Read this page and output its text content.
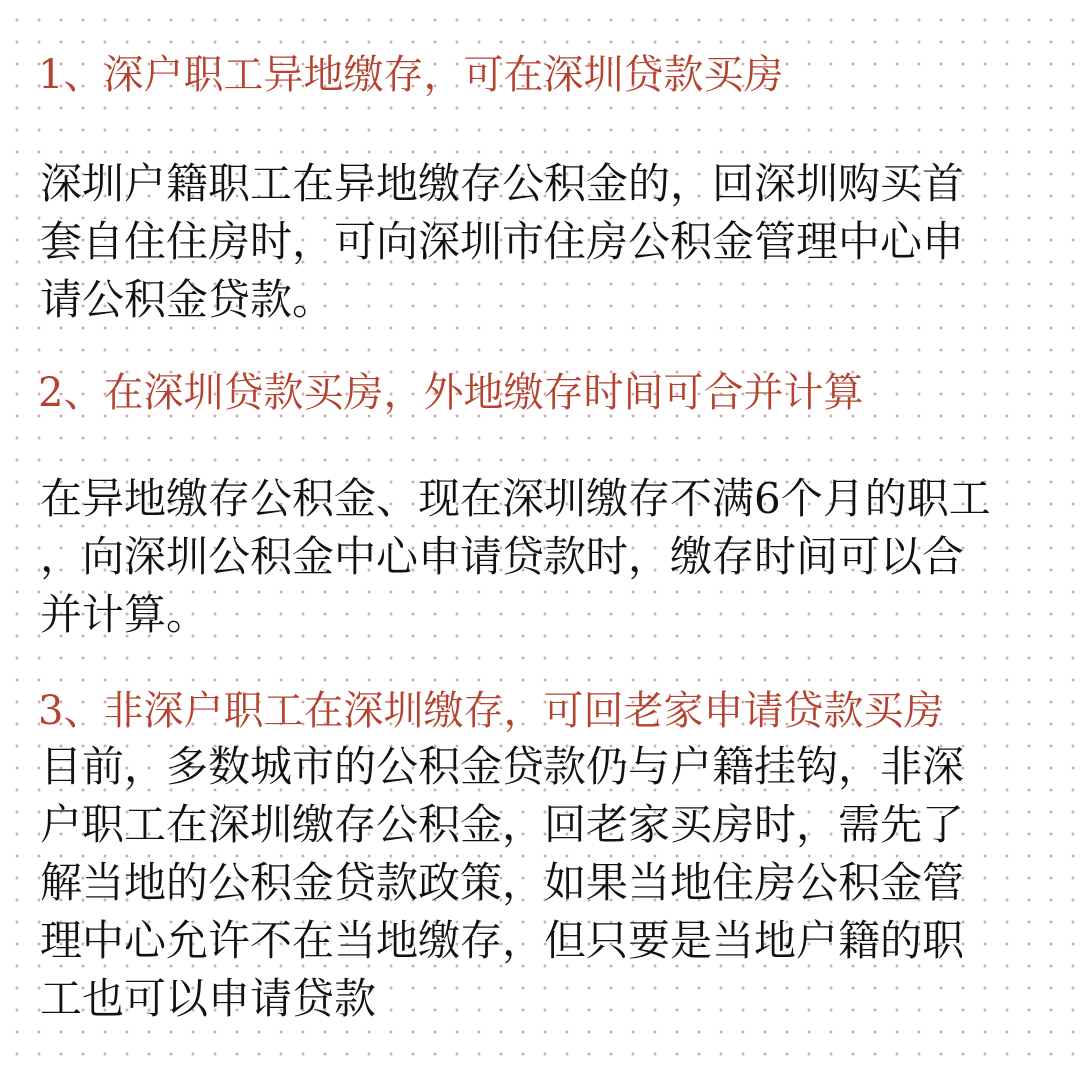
1、深户职工异地缴存，可在深圳贷款买房
深圳户籍职工在异地缴存公积金的，回深圳购买首
套自住住房时，可向深圳市住房公积金管理中心申
请公积金贷款。
2、在深圳贷款买房，外地缴存时间可合并计算
在异地缴存公积金、现在深圳缴存不满6个月的职工
，向深圳公积金中心申请贷款时，缴存时间可以合
并计算。
3、非深户职工在深圳缴存，可回老家申请贷款买房
目前，多数城市的公积金贷款仍与户籍挂钩，非深
户职工在深圳缴存公积金，回老家买房时，需先了
解当地的公积金贷款政策，如果当地住房公积金管
理中心允许不在当地缴存，但只要是当地户籍的职
工也可以申请贷款
